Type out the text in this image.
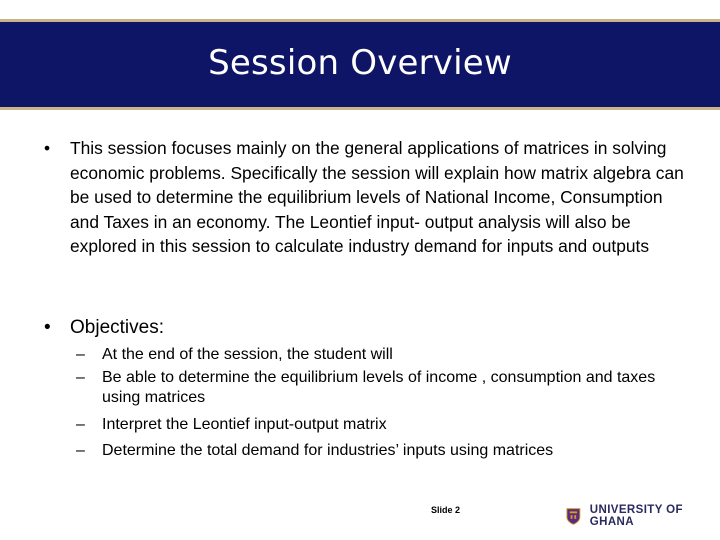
Session Overview
• This session focuses mainly on the general applications of matrices in solving economic problems. Specifically the session will explain how matrix algebra can be used to determine the equilibrium levels of National Income, Consumption and Taxes in an economy. The Leontief input- output analysis will also be explored in this session to calculate industry demand for inputs and outputs
• Objectives:
– At the end of the session, the student will
– Be able to determine the equilibrium levels of income , consumption and taxes using matrices
– Interpret the Leontief input-output matrix
– Determine the total demand for industries’ inputs using matrices
Slide 2	UNIVERSITY OF GHANA
